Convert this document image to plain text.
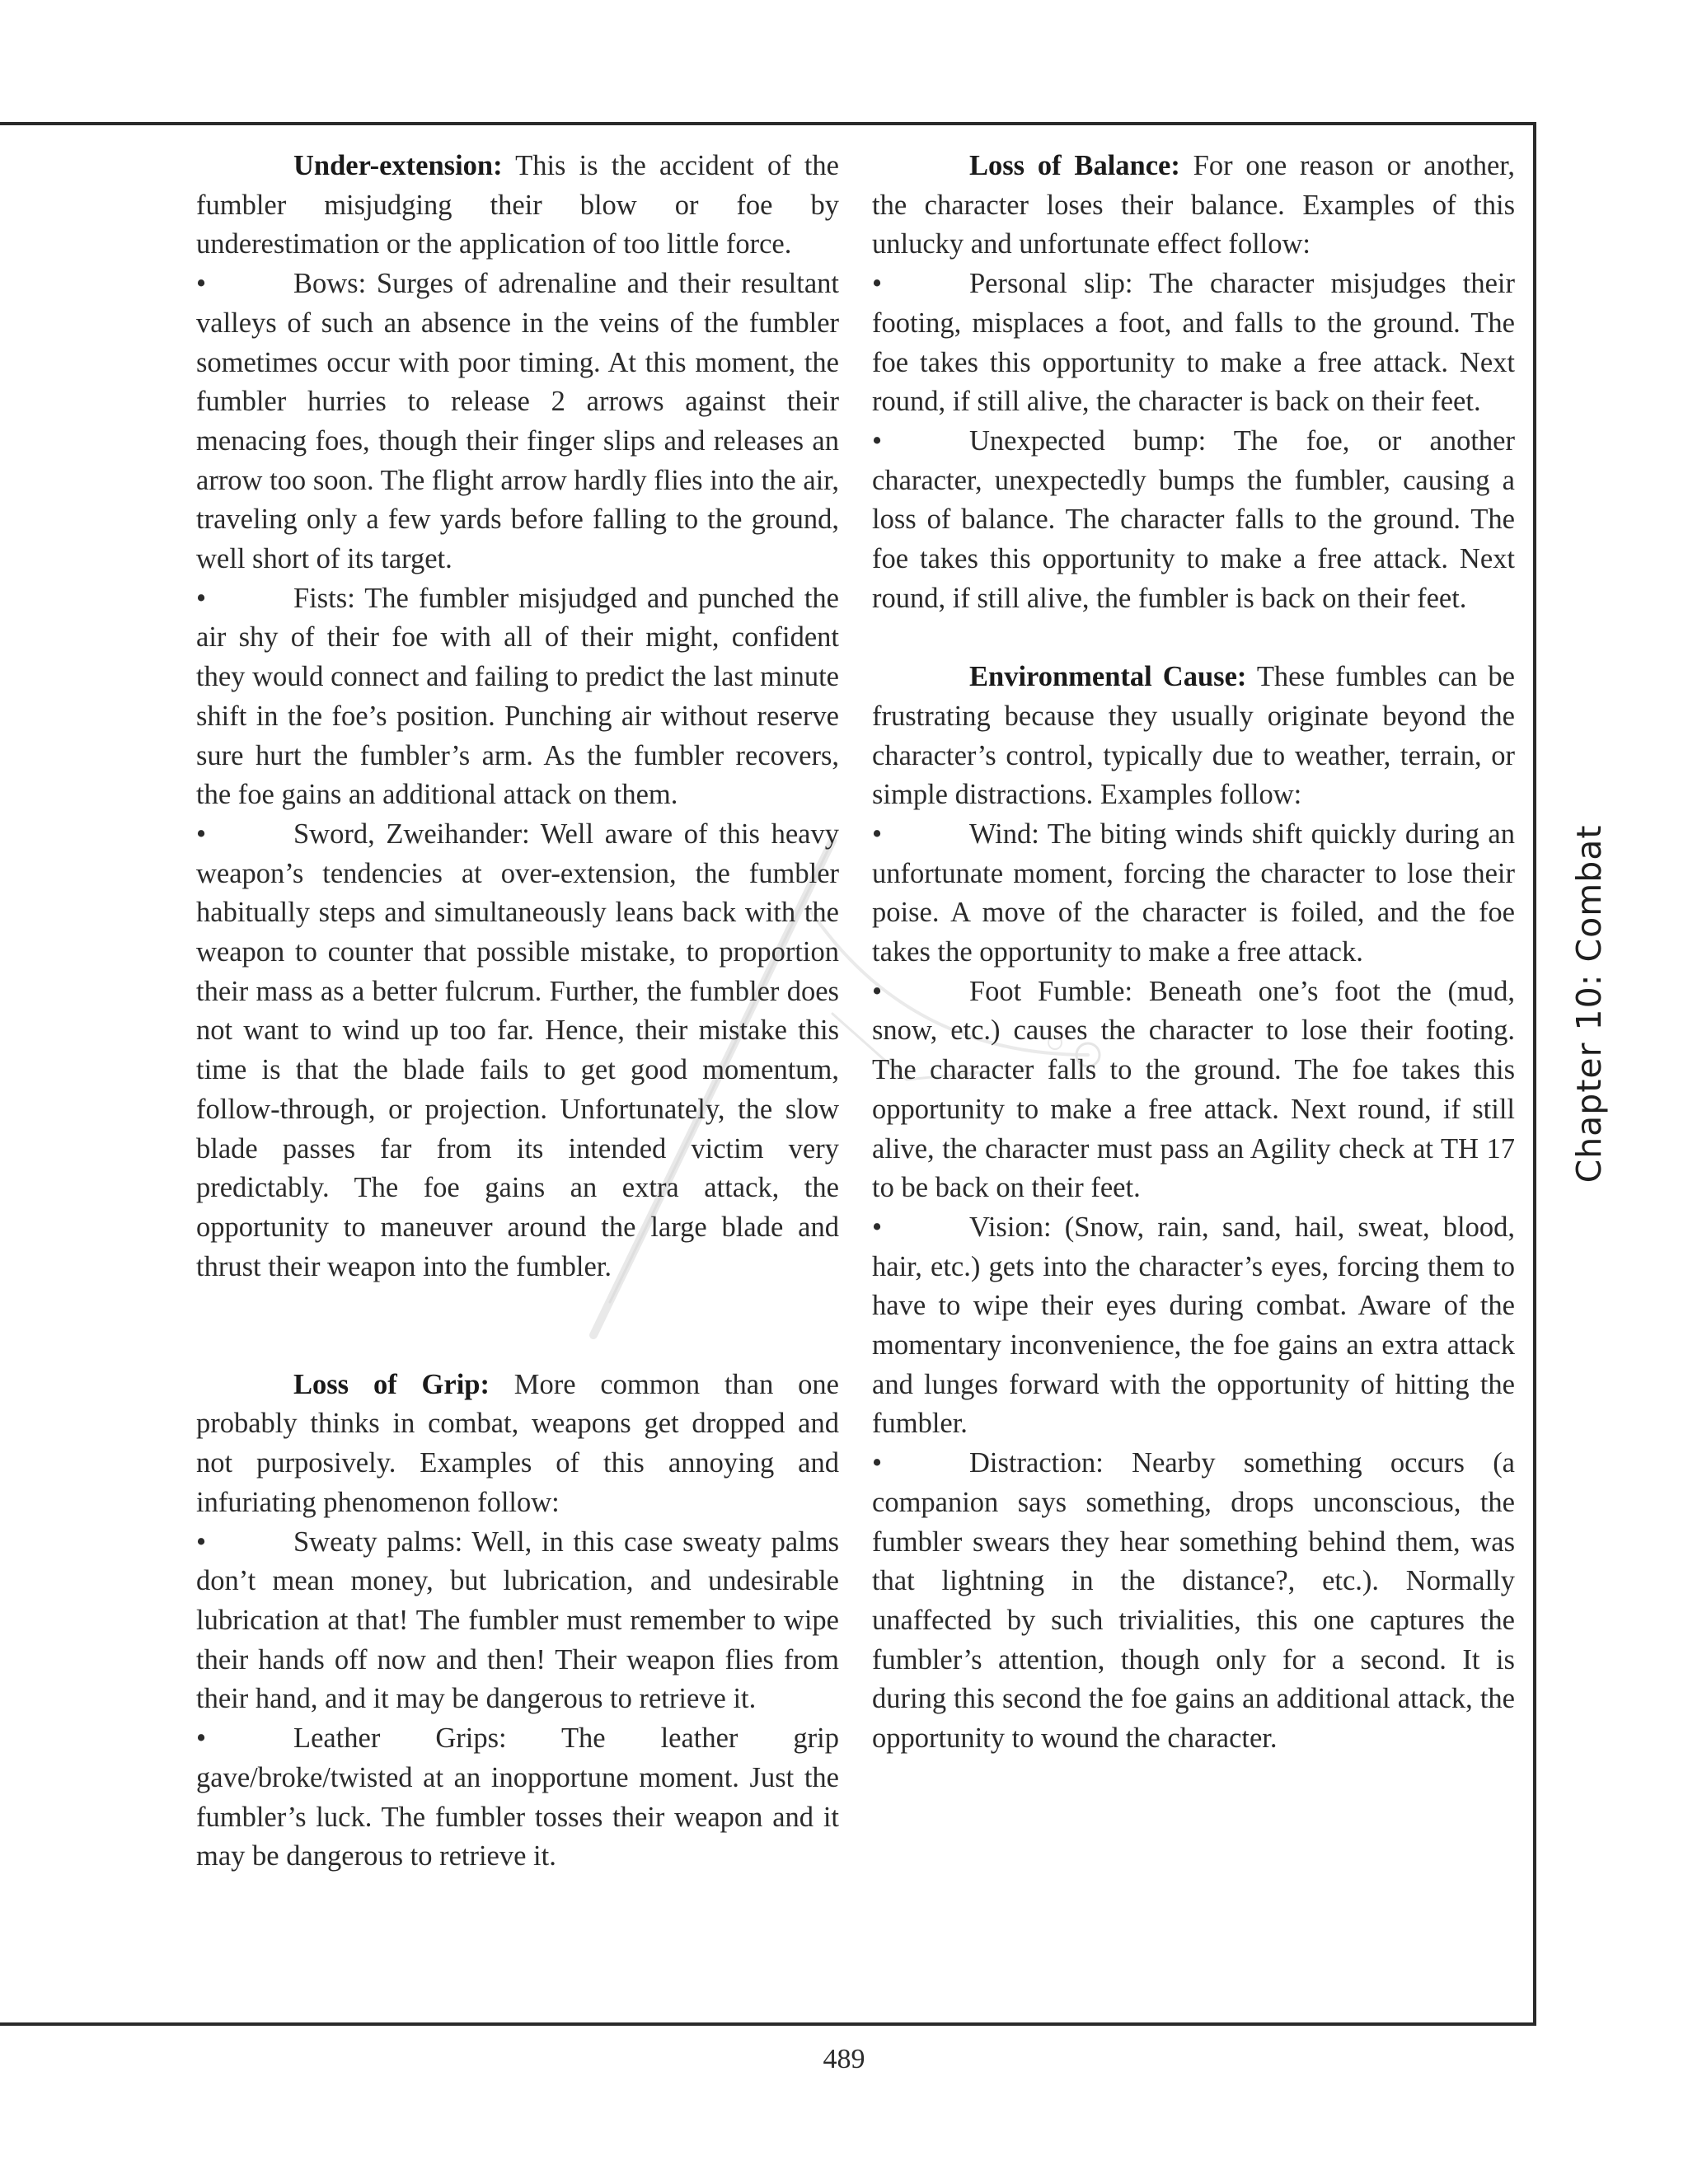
Under-extension: This is the accident of the fumbler misjudging their blow or foe by underestimation or the application of too little force.

•	Bows: Surges of adrenaline and their resultant valleys of such an absence in the veins of the fumbler sometimes occur with poor timing. At this moment, the fumbler hurries to release 2 arrows against their menacing foes, though their finger slips and releases an arrow too soon. The flight arrow hardly flies into the air, traveling only a few yards before falling to the ground, well short of its target.

•	Fists: The fumbler misjudged and punched the air shy of their foe with all of their might, confident they would connect and failing to predict the last minute shift in the foe’s position. Punching air without reserve sure hurt the fumbler’s arm. As the fumbler recovers, the foe gains an additional attack on them.

•	Sword, Zweihander: Well aware of this heavy weapon’s tendencies at over-extension, the fumbler habitually steps and simultaneously leans back with the weapon to counter that possible mistake, to proportion their mass as a better fulcrum. Further, the fumbler does not want to wind up too far. Hence, their mistake this time is that the blade fails to get good momentum, follow-through, or projection. Unfortunately, the slow blade passes far from its intended victim very predictably. The foe gains an extra attack, the opportunity to maneuver around the large blade and thrust their weapon into the fumbler.

Loss of Grip: More common than one probably thinks in combat, weapons get dropped and not purposively. Examples of this annoying and infuriating phenomenon follow:

•	Sweaty palms: Well, in this case sweaty palms don’t mean money, but lubrication, and undesirable lubrication at that! The fumbler must remember to wipe their hands off now and then! Their weapon flies from their hand, and it may be dangerous to retrieve it.

•	Leather Grips: The leather grip gave/broke/twisted at an inopportune moment. Just the fumbler’s luck. The fumbler tosses their weapon and it may be dangerous to retrieve it.

Loss of Balance: For one reason or another, the character loses their balance. Examples of this unlucky and unfortunate effect follow:

•	Personal slip: The character misjudges their footing, misplaces a foot, and falls to the ground. The foe takes this opportunity to make a free attack. Next round, if still alive, the character is back on their feet.

•	Unexpected bump: The foe, or another character, unexpectedly bumps the fumbler, causing a loss of balance. The character falls to the ground. The foe takes this opportunity to make a free attack. Next round, if still alive, the fumbler is back on their feet.

Environmental Cause: These fumbles can be frustrating because they usually originate beyond the character’s control, typically due to weather, terrain, or simple distractions. Examples follow:

•	Wind: The biting winds shift quickly during an unfortunate moment, forcing the character to lose their poise. A move of the character is foiled, and the foe takes the opportunity to make a free attack.

•	Foot Fumble: Beneath one’s foot the (mud, snow, etc.) causes the character to lose their footing. The character falls to the ground. The foe takes this opportunity to make a free attack. Next round, if still alive, the character must pass an Agility check at TH 17 to be back on their feet.

•	Vision: (Snow, rain, sand, hail, sweat, blood, hair, etc.) gets into the character’s eyes, forcing them to have to wipe their eyes during combat. Aware of the momentary inconvenience, the foe gains an extra attack and lunges forward with the opportunity of hitting the fumbler.

•	Distraction: Nearby something occurs (a companion says something, drops unconscious, the fumbler swears they hear something behind them, was that lightning in the distance?, etc.). Normally unaffected by such trivialities, this one captures the fumbler’s attention, though only for a second. It is during this second the foe gains an additional attack, the opportunity to wound the character.

Chapter 10: Combat
489
